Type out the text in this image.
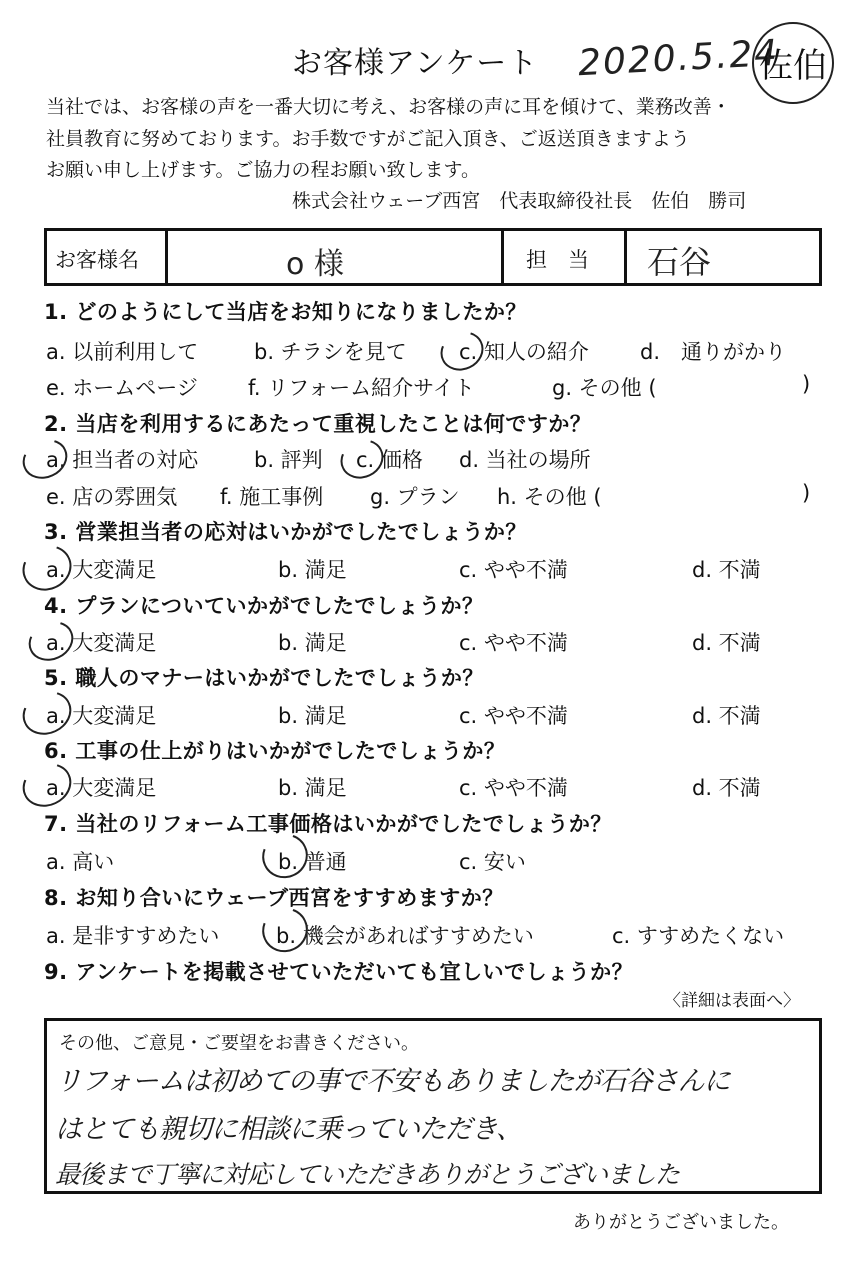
お客様アンケート 2020.5.24
佐伯
当社では、お客様の声を一番大切に考え、お客様の声に耳を傾けて、業務改善・
社員教育に努めております。お手数ですがご記入頂き、ご返送頂きますよう
お願い申し上げます。ご協力の程お願い致します。
株式会社ウェーブ西宮　代表取締役社長　佐伯　勝司
お客様名	o 様	担　当 石谷
1. どのようにして当店をお知りになりましたか？
a. 以前利用して	b. チラシを見て c. 知人の紹介 d.　通りがかり
e. ホームページ f. リフォーム紹介サイト	g. その他 (	)
2. 当店を利用するにあたって重視したことは何ですか？
a. 担当者の対応	b. 評判 c. 価格 d. 当社の場所
e. 店の雰囲気 f. 施工事例 g. プラン h. その他 (	)
3. 営業担当者の応対はいかがでしたでしょうか？
a. 大変満足	b. 満足	c. やや不満	d. 不満
4. プランについていかがでしたでしょうか？
a. 大変満足	b. 満足	c. やや不満	d. 不満
5. 職人のマナーはいかがでしたでしょうか？
a. 大変満足	b. 満足	c. やや不満	d. 不満
6. 工事の仕上がりはいかがでしたでしょうか？
a. 大変満足	b. 満足	c. やや不満	d. 不満
7. 当社のリフォーム工事価格はいかがでしたでしょうか？
a. 高い	b. 普通	c. 安い
8. お知り合いにウェーブ西宮をすすめますか？
a. 是非すすめたい	b. 機会があればすすめたい	c. すすめたくない
9. アンケートを掲載させていただいても宜しいでしょうか？
〈詳細は表面へ〉
その他、ご意見・ご要望をお書きください。
リフォームは初めての事で不安もありましたが石谷さんに
はとても親切に相談に乗っていただき、
最後まで丁寧に対応していただきありがとうございました
ありがとうございました。
